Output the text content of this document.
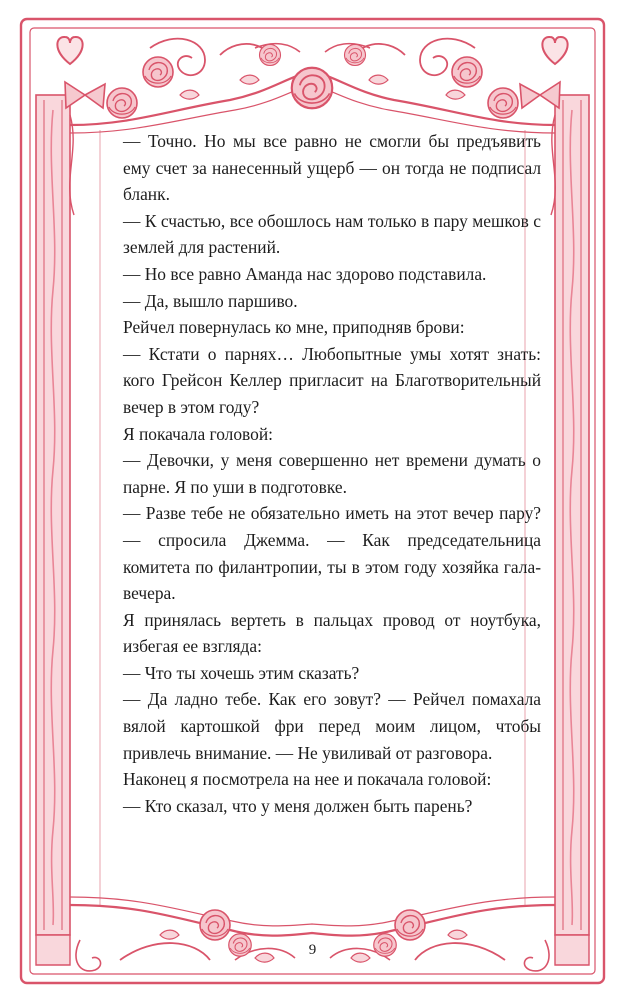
— Точно. Но мы все равно не смогли бы предъявить ему счет за нанесенный ущерб — он тогда не подписал бланк.

— К счастью, все обошлось нам только в пару мешков с землей для растений.

— Но все равно Аманда нас здорово подставила.

— Да, вышло паршиво.

Рейчел повернулась ко мне, приподняв брови:

— Кстати о парнях… Любопытные умы хотят знать: кого Грейсон Келлер пригласит на Благотворительный вечер в этом году?

Я покачала головой:

— Девочки, у меня совершенно нет времени думать о парне. Я по уши в подготовке.

— Разве тебе не обязательно иметь на этот вечер пару? — спросила Джемма. — Как председательница комитета по филантропии, ты в этом году хозяйка гала-вечера.

Я принялась вертеть в пальцах провод от ноутбука, избегая ее взгляда:

— Что ты хочешь этим сказать?

— Да ладно тебе. Как его зовут? — Рейчел помахала вялой картошкой фри перед моим лицом, чтобы привлечь внимание. — Не увиливай от разговора.

Наконец я посмотрела на нее и покачала головой:

— Кто сказал, что у меня должен быть парень?

9
